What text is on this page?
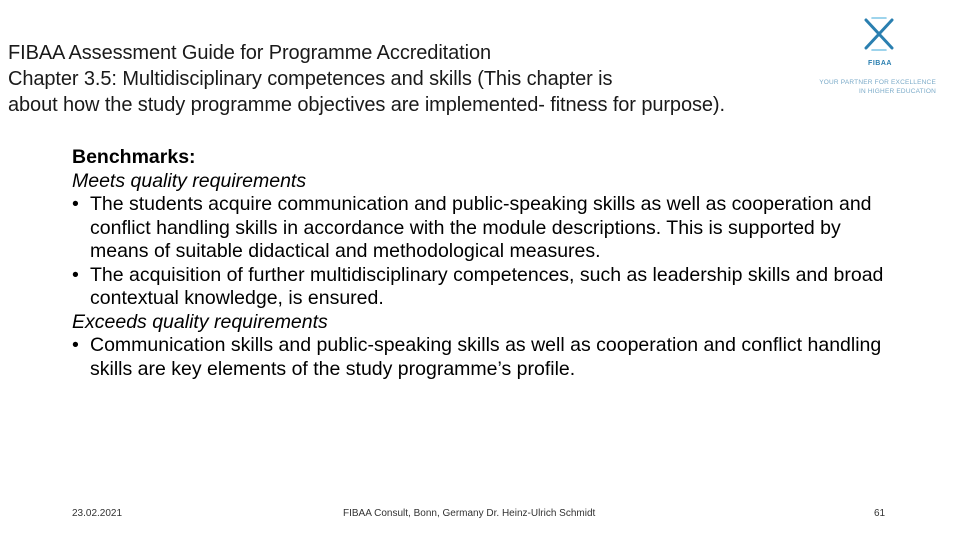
FIBAA Assessment Guide for Programme Accreditation
Chapter 3.5: Multidisciplinary competences and skills (This chapter is
about how the study programme objectives are implemented- fitness for purpose).
FIBAA
YOUR PARTNER FOR EXCELLENCE
IN HIGHER EDUCATION
Benchmarks:
Meets quality requirements
• The students acquire communication and public-speaking skills as well as cooperation and conflict handling skills in accordance with the module descriptions. This is supported by means of suitable didactical and methodological measures.
• The acquisition of further multidisciplinary competences, such as leadership skills and broad contextual knowledge, is ensured.
Exceeds quality requirements
• Communication skills and public-speaking skills as well as cooperation and conflict handling skills are key elements of the study programme’s profile.
23.02.2021	FIBAA Consult, Bonn, Germany Dr. Heinz-Ulrich Schmidt	61
